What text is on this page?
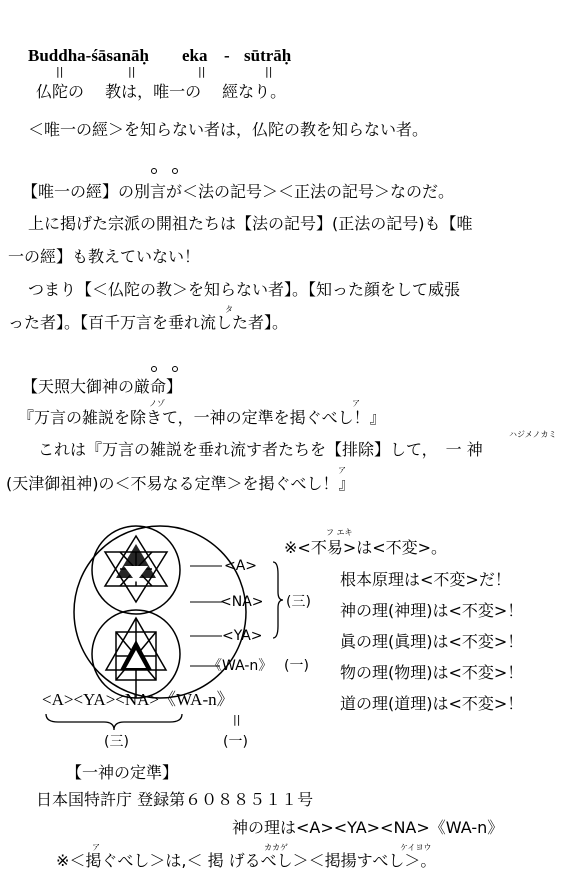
Buddha-śāsanāḥ eka - sūtrāḥ
||	||	||	||
仏陀の　 教は，唯一の　 經なり。
＜唯一の經＞を知らない者は，仏陀の教を知らない者。
【唯一の經】の別言が＜法の記号＞＜正法の記号＞なのだ。
上に掲げた宗派の開祖たちは【法の記号】(正法の記号)も【唯
一の經】も教えていない！
つまり【＜仏陀の教＞を知らない者】。【知った顔をして威張
タ
った者】。【百千万言を垂れ流した者】。
【天照大御神の厳命】
ノゾ	ア
『万言の雑説を除きて，一神の定準を掲ぐべし！』
ハジメノカミ
これは『万言の雑説を垂れ流す者たちを【排除】して，　一 神
ア
(天津御祖神)の＜不易なる定準＞を掲ぐべし！』
<A>
<NA>
<YA>
《WA-n》
(三)
(一)
<A><YA><NA>《WA-n》
||
(三)	(一)
フ エキ
※<不易>は<不変>。
根本原理は<不変>だ！
神の理(神理)は<不変>！
眞の理(眞理)は<不変>！
物の理(物理)は<不変>！
道の理(道理)は<不変>！
【一神の定準】
日本国特許庁 登録第６０８８５１１号
神の理は<A><YA><NA>《WA-n》
ア	カカゲ	ケイヨウ
※＜掲ぐべし＞は,＜ 掲 げるべし＞＜掲揚すべし＞。
